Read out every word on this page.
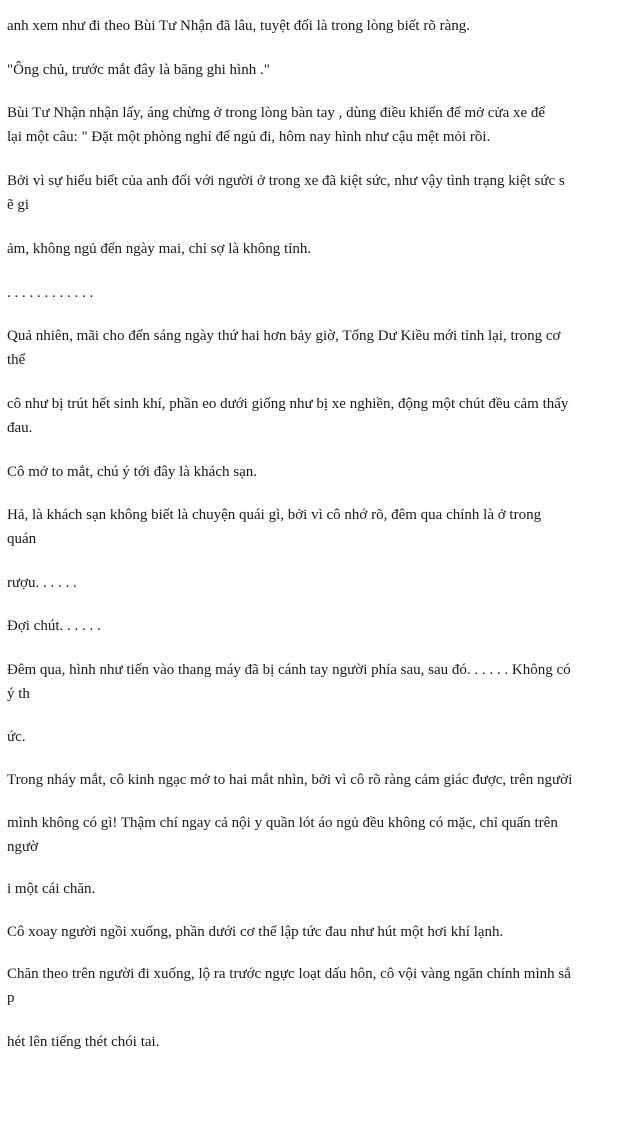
anh xem như đi theo Bùi Tư Nhận đã lâu, tuyệt đối là trong lòng biết rõ ràng.
"Ông chủ, trước mắt đây là băng ghi hình ."
Bùi Tư Nhận nhận lấy, áng chừng ở trong lòng bàn tay , dùng điều khiển để mở cửa xe để
lại một câu: " Đặt một phòng nghỉ để ngủ đi, hôm nay hình như cậu mệt mỏi rồi.
Bởi vì sự hiểu biết của anh đối với người ở trong xe đã kiệt sức, như vậy tình trạng kiệt sức s
ẽ gi
ảm, không ngủ đến ngày mai, chỉ sợ là không tỉnh.
. . . . . . . . . . . .
Quả nhiên, mãi cho đến sáng ngày thứ hai hơn bảy giờ, Tống Dư Kiều mới tỉnh lại, trong cơ
thể
cô như bị trút hết sinh khí, phần eo dưới giống như bị xe nghiền, động một chút đều cảm thấy
đau.
Cô mở to mắt, chú ý tới đây là khách sạn.
Hả, là khách sạn không biết là chuyện quái gì, bởi vì cô nhớ rõ, đêm qua chính là ở trong
quán
rượu. . . . . .
Đợi chút. . . . . .
Đêm qua, hình như tiến vào thang máy đã bị cánh tay người phía sau, sau đó. . . . . . Không có
ý th
ức.
Trong nháy mắt, cô kinh ngạc mở to hai mắt nhìn, bởi vì cô rõ ràng cảm giác được, trên người
mình không có gì! Thậm chí ngay cả nội y quần lót áo ngủ đều không có mặc, chỉ quấn trên
ngườ
i một cái chăn.
Cô xoay người ngồi xuống, phần dưới cơ thể lập tức đau như hút một hơi khí lạnh.
Chăn theo trên người đi xuống, lộ ra trước ngực loạt dấu hôn, cô vội vàng ngăn chính mình sắ
p
hét lên tiếng thét chói tai.
